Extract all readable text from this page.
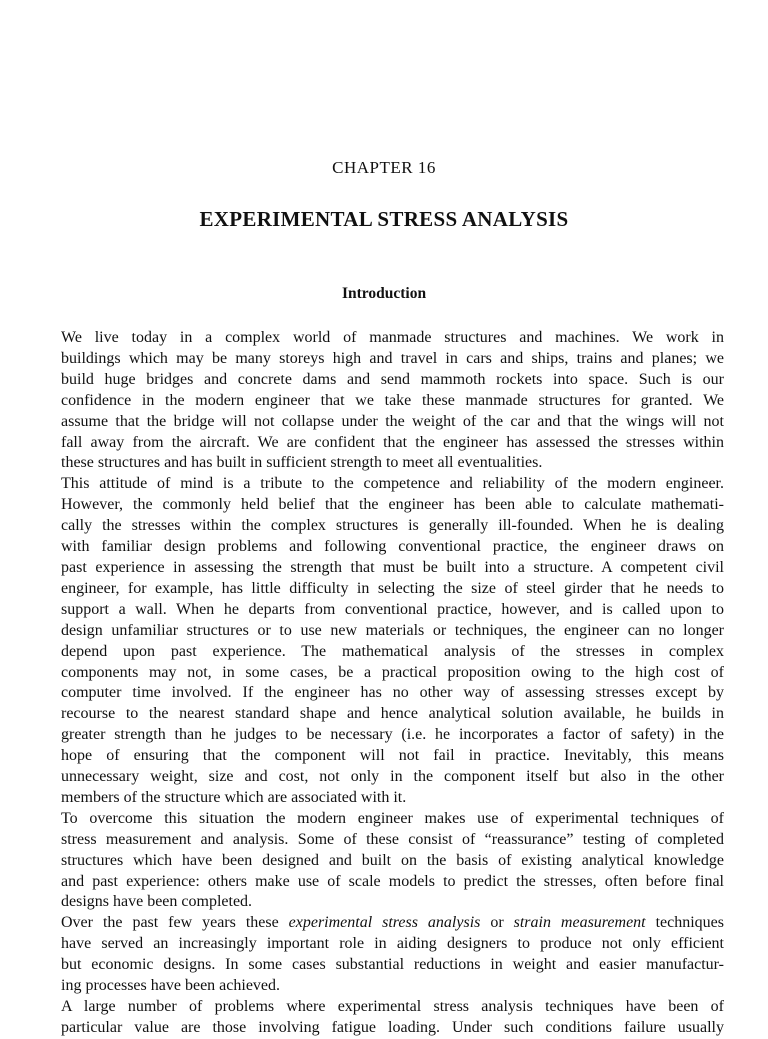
CHAPTER 16
EXPERIMENTAL STRESS ANALYSIS
Introduction

We live today in a complex world of manmade structures and machines. We work in
buildings which may be many storeys high and travel in cars and ships, trains and planes; we
build huge bridges and concrete dams and send mammoth rockets into space. Such is our
confidence in the modern engineer that we take these manmade structures for granted. We
assume that the bridge will not collapse under the weight of the car and that the wings will not
fall away from the aircraft. We are confident that the engineer has assessed the stresses within
these structures and has built in sufficient strength to meet all eventualities.

This attitude of mind is a tribute to the competence and reliability of the modern engineer.
However, the commonly held belief that the engineer has been able to calculate mathemati-
cally the stresses within the complex structures is generally ill-founded. When he is dealing
with familiar design problems and following conventional practice, the engineer draws on
past experience in assessing the strength that must be built into a structure. A competent civil
engineer, for example, has little difficulty in selecting the size of steel girder that he needs to
support a wall. When he departs from conventional practice, however, and is called upon to
design unfamiliar structures or to use new materials or techniques, the engineer can no longer
depend upon past experience. The mathematical analysis of the stresses in complex
components may not, in some cases, be a practical proposition owing to the high cost of
computer time involved. If the engineer has no other way of assessing stresses except by
recourse to the nearest standard shape and hence analytical solution available, he builds in
greater strength than he judges to be necessary (i.e. he incorporates a factor of safety) in the
hope of ensuring that the component will not fail in practice. Inevitably, this means
unnecessary weight, size and cost, not only in the component itself but also in the other
members of the structure which are associated with it.

To overcome this situation the modern engineer makes use of experimental techniques of
stress measurement and analysis. Some of these consist of “reassurance” testing of completed
structures which have been designed and built on the basis of existing analytical knowledge
and past experience: others make use of scale models to predict the stresses, often before final
designs have been completed.

Over the past few years these experimental stress analysis or strain measurement techniques
have served an increasingly important role in aiding designers to produce not only efficient
but economic designs. In some cases substantial reductions in weight and easier manufactur-
ing processes have been achieved.

A large number of problems where experimental stress analysis techniques have been of
particular value are those involving fatigue loading. Under such conditions failure usually
